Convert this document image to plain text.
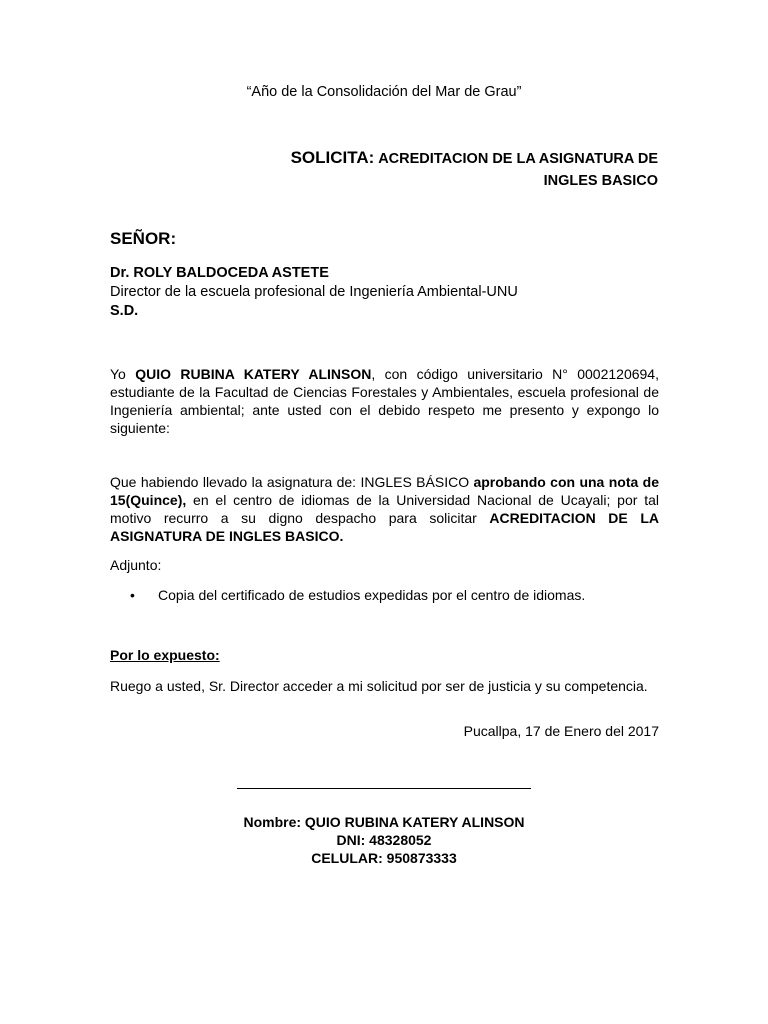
“Año de la Consolidación del Mar de Grau”

SOLICITA: ACREDITACION DE LA ASIGNATURA DE
INGLES BASICO

SEÑOR:

Dr. ROLY BALDOCEDA ASTETE
Director de la escuela profesional de Ingeniería Ambiental-UNU
S.D.

Yo QUIO RUBINA KATERY ALINSON, con código universitario N° 0002120694, estudiante de la Facultad de Ciencias Forestales y Ambientales, escuela profesional de Ingeniería ambiental; ante usted con el debido respeto me presento y expongo lo siguiente:

Que habiendo llevado la asignatura de: INGLES BÁSICO aprobando con una nota de 15(Quince), en el centro de idiomas de la Universidad Nacional de Ucayali; por tal motivo recurro a su digno despacho para solicitar ACREDITACION DE LA ASIGNATURA DE INGLES BASICO.

Adjunto:

• Copia del certificado de estudios expedidas por el centro de idiomas.

Por lo expuesto:

Ruego a usted, Sr. Director acceder a mi solicitud por ser de justicia y su competencia.

Pucallpa, 17 de Enero del 2017

Nombre: QUIO RUBINA KATERY ALINSON
DNI: 48328052
CELULAR: 950873333
